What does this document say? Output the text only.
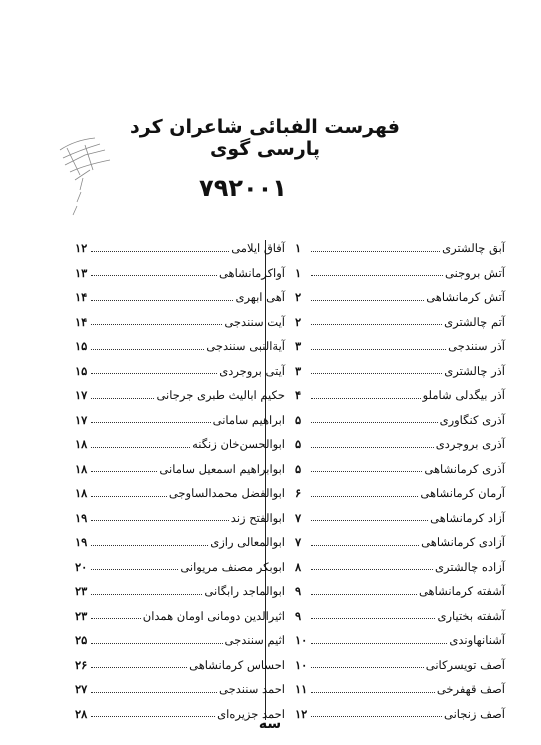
فهرست الفبائی شاعران کرد پارسی گوی
۷۹۲۰۰۱
آبق چالشتری
۱
آتش بروجنی
۱
آتش کرمانشاهی
۲
آتم چالشتری
۲
آذر سنندجی
۳
آذر چالشتری
۳
آذر بیگدلی شاملو
۴
آذری کنگاوری
۵
آذری بروجردی
۵
آذری کرمانشاهی
۵
آرمان کرمانشاهی
۶
آزاد کرمانشاهی
۷
آزادی کرمانشاهی
۷
آزاده چالشتری
۸
آشفته کرمانشاهی
۹
آشفته بختیاری
۹
آشنانهاوندی
۱۰
آصف تویسرکانی
۱۰
آصف قهفرخی
۱۱
آصف زنجانی
۱۲
آفاق ایلامی
۱۲
آواکرمانشاهی
۱۳
آهی ابهری
۱۴
آیت سنندجی
۱۴
آیةالنبی سنندجی
۱۵
آیتی بروجردی
۱۵
حکیم ابالیث طبری جرجانی
۱۷
ابراهیم سامانی
۱۷
ابوالحسن‌خان زنگنه
۱۸
ابوابراهیم اسمعیل سامانی
۱۸
ابوالفضل محمدالساوجی
۱۸
ابوالفتح زند
۱۹
ابوالمعالی رازی
۱۹
ابوبکر مصنف مریوانی
۲۰
ابوالماجد رابگانی
۲۳
اثیرالدین دومانی اومان همدان
۲۳
اثیم سنندجی
۲۵
احساس کرمانشاهی
۲۶
احمد سنندجی
۲۷
احمد جزیره‌ای
۲۸
سه
